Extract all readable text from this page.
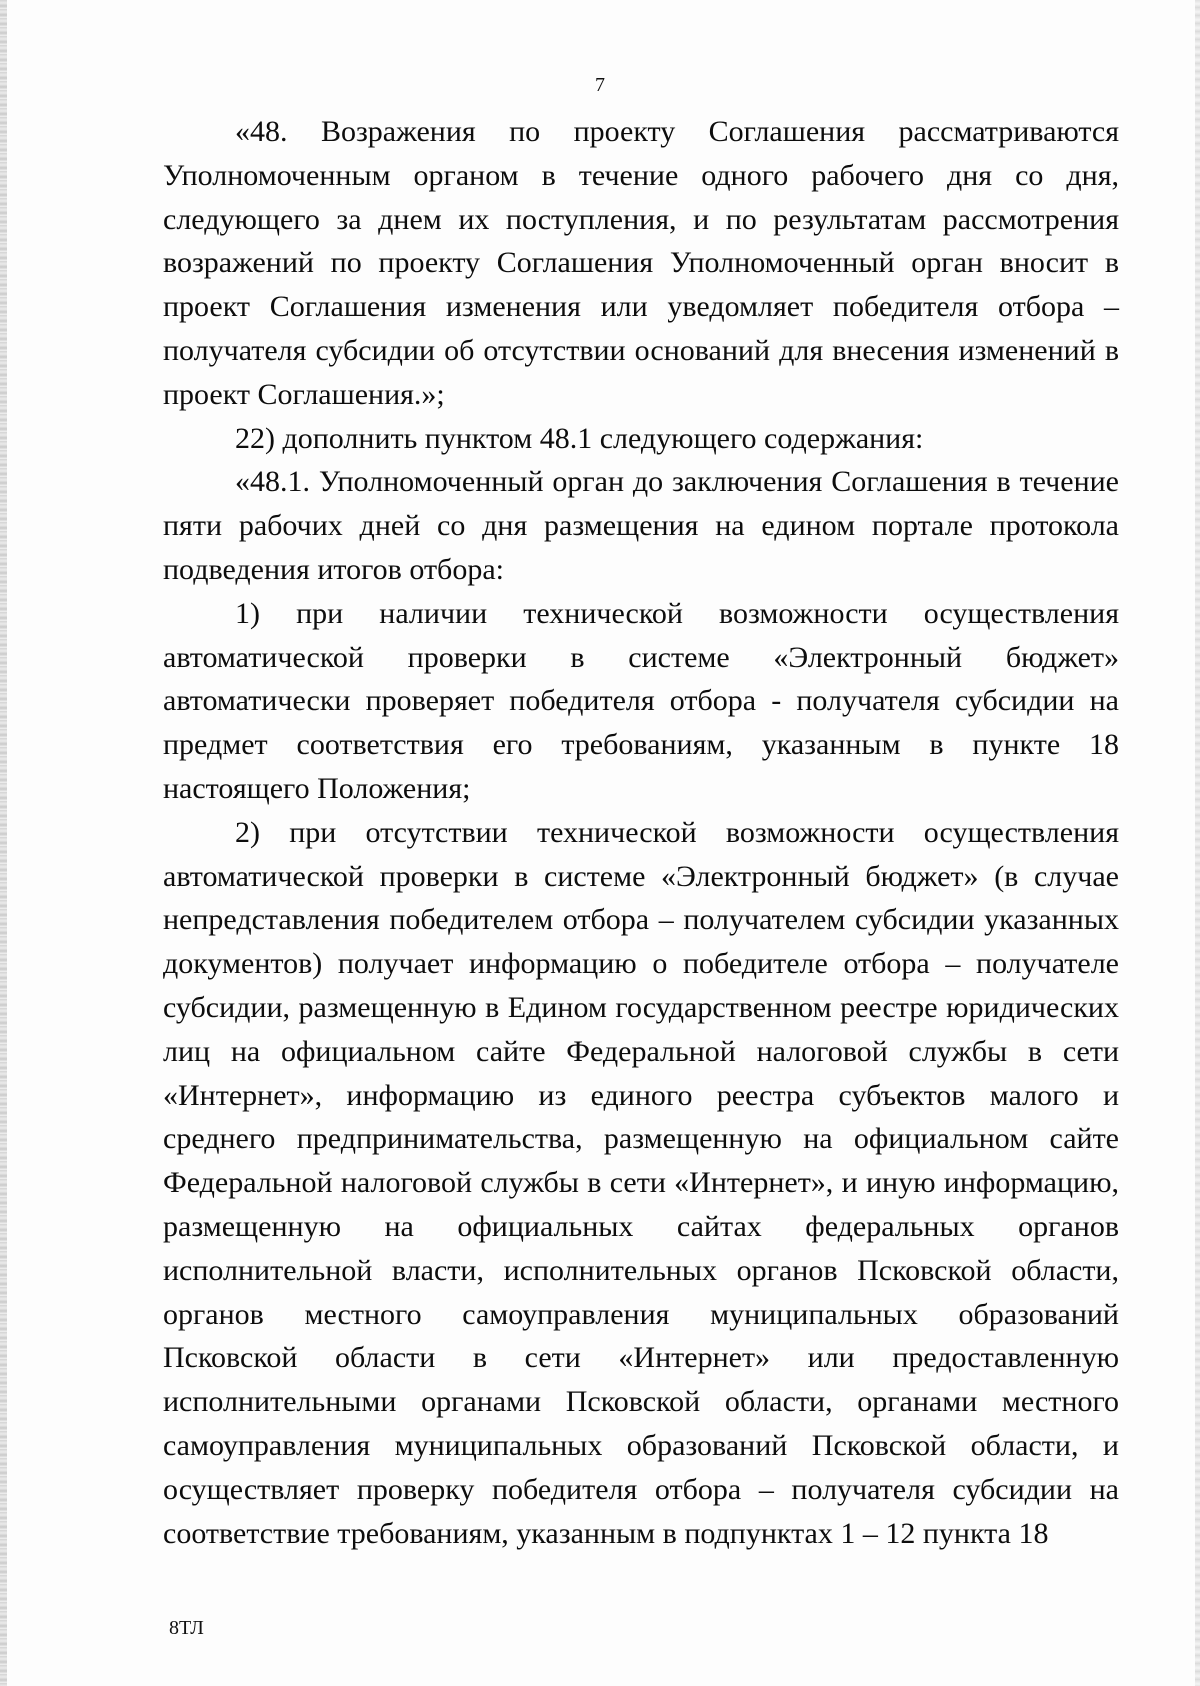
7

«48. Возражения по проекту Соглашения рассматриваются Уполномоченным органом в течение одного рабочего дня со дня, следующего за днем их поступления, и по результатам рассмотрения возражений по проекту Соглашения Уполномоченный орган вносит в проект Соглашения изменения или уведомляет победителя отбора – получателя субсидии об отсутствии оснований для внесения изменений в проект Соглашения.»;

22) дополнить пунктом 48.1 следующего содержания:

«48.1. Уполномоченный орган до заключения Соглашения в течение пяти рабочих дней со дня размещения на едином портале протокола подведения итогов отбора:

1) при наличии технической возможности осуществления автоматической проверки в системе «Электронный бюджет» автоматически проверяет победителя отбора - получателя субсидии на предмет соответствия его требованиям, указанным в пункте 18 настоящего Положения;

2) при отсутствии технической возможности осуществления автоматической проверки в системе «Электронный бюджет» (в случае непредставления победителем отбора – получателем субсидии указанных документов) получает информацию о победителе отбора – получателе субсидии, размещенную в Едином государственном реестре юридических лиц на официальном сайте Федеральной налоговой службы в сети «Интернет», информацию из единого реестра субъектов малого и среднего предпринимательства, размещенную на официальном сайте Федеральной налоговой службы в сети «Интернет», и иную информацию, размещенную на официальных сайтах федеральных органов исполнительной власти, исполнительных органов Псковской области, органов местного самоуправления муниципальных образований Псковской области в сети «Интернет» или предоставленную исполнительными органами Псковской области, органами местного самоуправления муниципальных образований Псковской области, и осуществляет проверку победителя отбора – получателя субсидии на соответствие требованиям, указанным в подпунктах 1 – 12 пункта 18

8ТЛ
